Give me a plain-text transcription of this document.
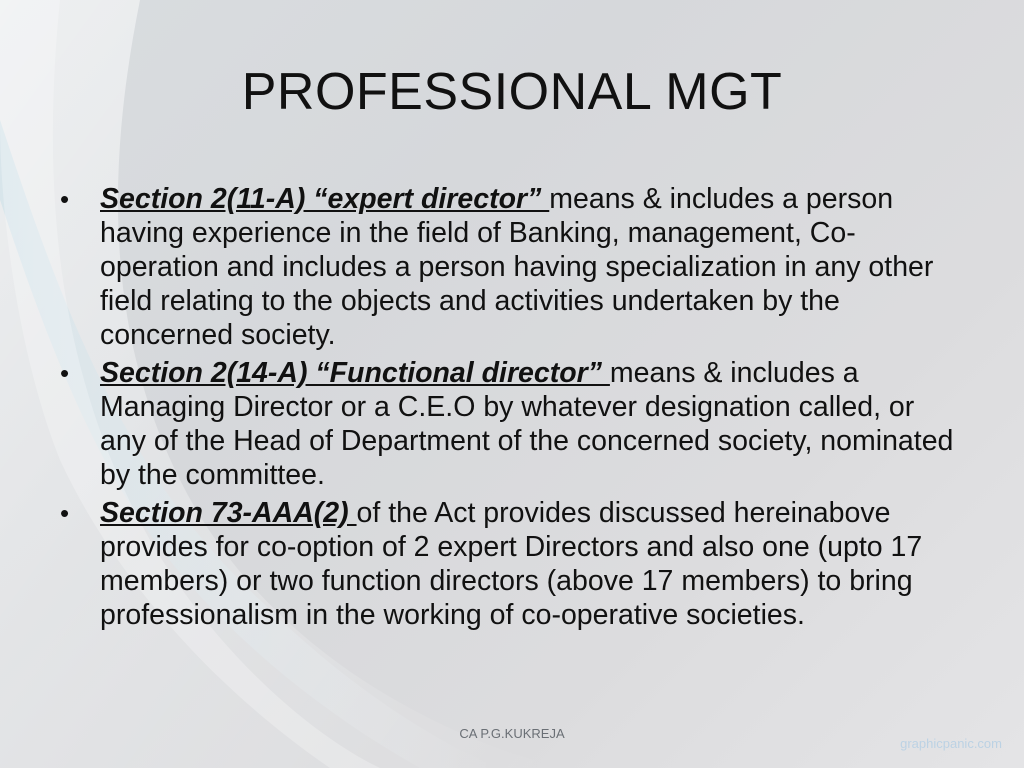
PROFESSIONAL MGT
• Section 2(11-A) “expert director” means & includes a person having experience in the field of Banking, management, Co-operation and includes a person having specialization in any other field relating to the objects and activities undertaken by the concerned society.
• Section 2(14-A) “Functional director” means & includes a Managing Director or a C.E.O by whatever designation called, or any of the Head of Department of the concerned society, nominated by the committee.
• Section 73-AAA(2) of the Act provides discussed hereinabove provides for co-option of 2 expert Directors and also one (upto 17 members) or two function directors (above 17 members) to bring professionalism in the working of co-operative societies.
CA P.G.KUKREJA
graphicpanic.com
